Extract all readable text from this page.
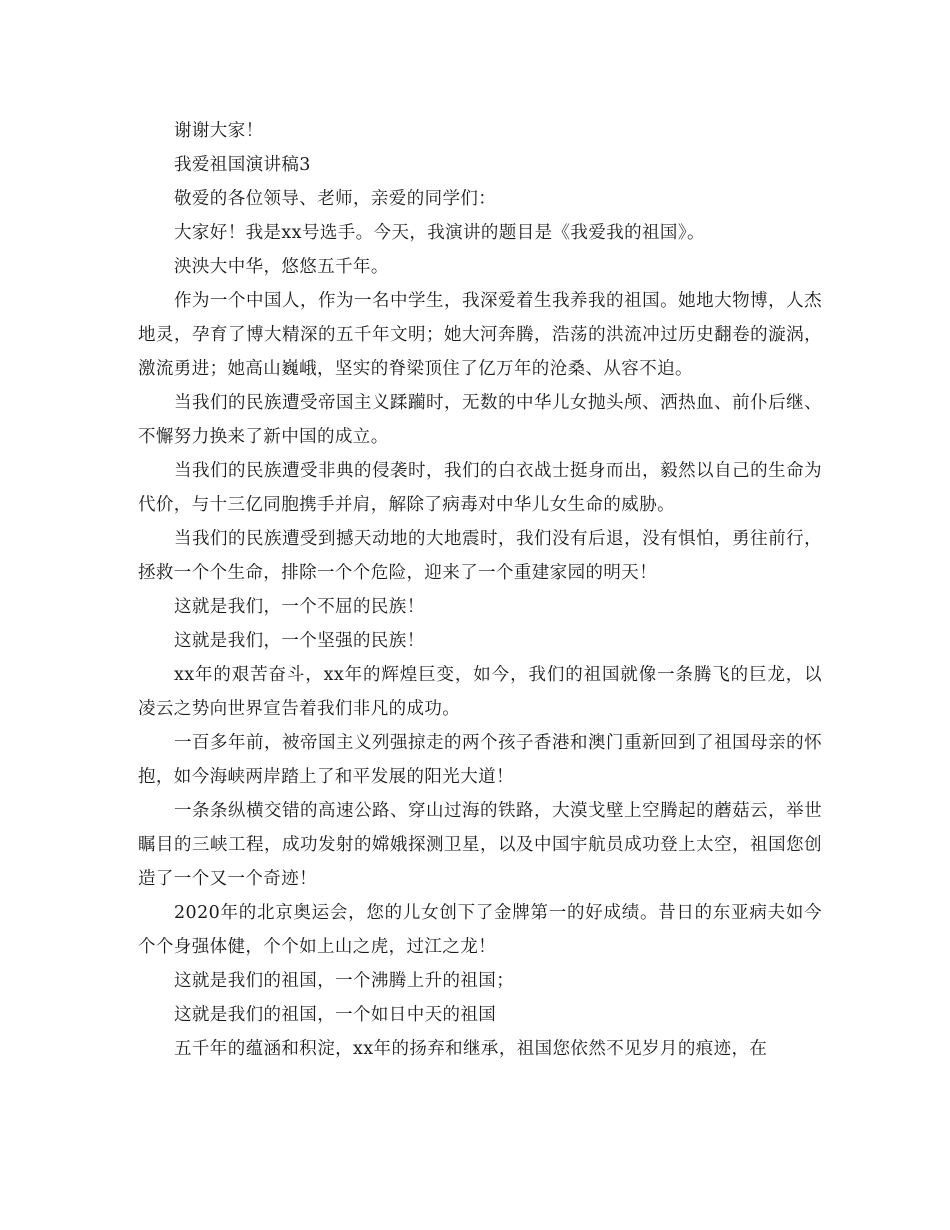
谢谢大家！

我爱祖国演讲稿3

敬爱的各位领导、老师，亲爱的同学们：

大家好！我是xx号选手。今天，我演讲的题目是《我爱我的祖国》。

泱泱大中华，悠悠五千年。

作为一个中国人，作为一名中学生，我深爱着生我养我的祖国。她地大物博，人杰地灵，孕育了博大精深的五千年文明；她大河奔腾，浩荡的洪流冲过历史翻卷的漩涡，激流勇进；她高山巍峨，坚实的脊梁顶住了亿万年的沧桑、从容不迫。

当我们的民族遭受帝国主义蹂躏时，无数的中华儿女抛头颅、洒热血、前仆后继、不懈努力换来了新中国的成立。

当我们的民族遭受非典的侵袭时，我们的白衣战士挺身而出，毅然以自己的生命为代价，与十三亿同胞携手并肩，解除了病毒对中华儿女生命的威胁。

当我们的民族遭受到撼天动地的大地震时，我们没有后退，没有惧怕，勇往前行，拯救一个个生命，排除一个个危险，迎来了一个重建家园的明天！

这就是我们，一个不屈的民族！

这就是我们，一个坚强的民族！

xx年的艰苦奋斗，xx年的辉煌巨变，如今，我们的祖国就像一条腾飞的巨龙，以凌云之势向世界宣告着我们非凡的成功。

一百多年前，被帝国主义列强掠走的两个孩子香港和澳门重新回到了祖国母亲的怀抱，如今海峡两岸踏上了和平发展的阳光大道！

一条条纵横交错的高速公路、穿山过海的铁路，大漠戈壁上空腾起的蘑菇云，举世瞩目的三峡工程，成功发射的嫦娥探测卫星，以及中国宇航员成功登上太空，祖国您创造了一个又一个奇迹！

2020年的北京奥运会，您的儿女创下了金牌第一的好成绩。昔日的东亚病夫如今个个身强体健，个个如上山之虎，过江之龙！

这就是我们的祖国，一个沸腾上升的祖国；

这就是我们的祖国，一个如日中天的祖国

五千年的蕴涵和积淀，xx年的扬弃和继承，祖国您依然不见岁月的痕迹，在
